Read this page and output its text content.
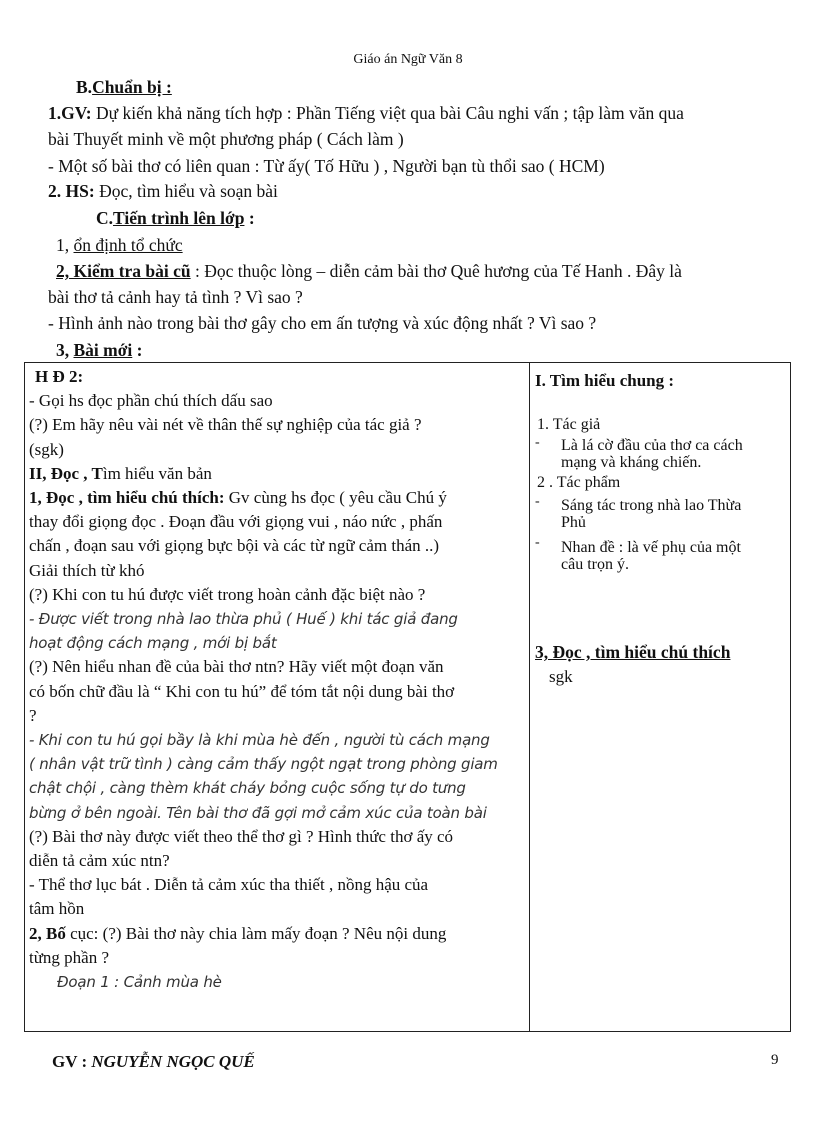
Giáo án Ngữ Văn 8
B.Chuẩn bị :
1.GV: Dự kiến khả năng tích hợp : Phần Tiếng việt qua bài Câu nghi vấn ; tập làm văn qua
bài Thuyết minh về một phương pháp ( Cách làm )
- Một số bài thơ có liên quan : Từ ấy( Tố Hữu ) , Người bạn tù thổi sao ( HCM)
2. HS: Đọc, tìm hiểu và soạn bài
C.Tiến trình lên lớp :
1, ổn định tổ chức
2, Kiểm tra bài cũ : Đọc thuộc lòng – diễn cảm bài thơ Quê hương của Tế Hanh . Đây là
bài thơ tả cảnh hay tả tình ? Vì sao ?
- Hình ảnh nào trong bài thơ gây cho em ấn tượng và xúc động nhất ? Vì sao ?
3, Bài mới :
H Đ 2:
- Gọi hs đọc phần chú thích dấu sao
(?) Em hãy nêu vài nét về thân thế sự nghiệp của tác giả ?
(sgk)
II, Đọc , Tìm hiểu văn bản
1, Đọc , tìm hiểu chú thích: Gv cùng hs đọc ( yêu cầu Chú ý
thay đổi giọng đọc . Đoạn đầu với giọng vui , náo nức , phấn
chấn , đoạn sau với giọng bực bội và các từ ngữ cảm thán ..)
Giải thích từ khó
(?) Khi con tu hú được viết trong hoàn cảnh đặc biệt nào ?
- Được viết trong nhà lao thừa phủ ( Huế ) khi tác giả đang
hoạt động cách mạng , mới bị bắt
(?) Nên hiểu nhan đề của bài thơ ntn? Hãy viết một đoạn văn
có bốn chữ đầu là “ Khi con tu hú” để tóm tắt nội dung bài thơ
?
- Khi con tu hú gọi bầy là khi mùa hè đến , người tù cách mạng
( nhân vật trữ tình ) càng cảm thấy ngột ngạt trong phòng giam
chật chội , càng thèm khát cháy bỏng cuộc sống tự do tưng
bừng ở bên ngoài. Tên bài thơ đã gợi mở cảm xúc của toàn bài
(?) Bài thơ này được viết theo thể thơ gì ? Hình thức thơ ấy có
diễn tả cảm xúc ntn?
- Thể thơ lục bát . Diễn tả cảm xúc tha thiết , nồng hậu của
tâm hồn
2, Bố cục: (?) Bài thơ này chia làm mấy đoạn ? Nêu nội dung
từng phần ?
Đoạn 1 : Cảnh mùa hè
I. Tìm hiểu chung :
1. Tác giả
- Là lá cờ đầu của thơ ca cách
mạng và kháng chiến.
2 . Tác phẩm
- Sáng tác trong nhà lao Thừa
Phủ
- Nhan đề : là vế phụ của một
câu trọn ý.
3, Đọc , tìm hiểu chú thích
sgk
GV : NGUYỄN NGỌC QUẾ	9
